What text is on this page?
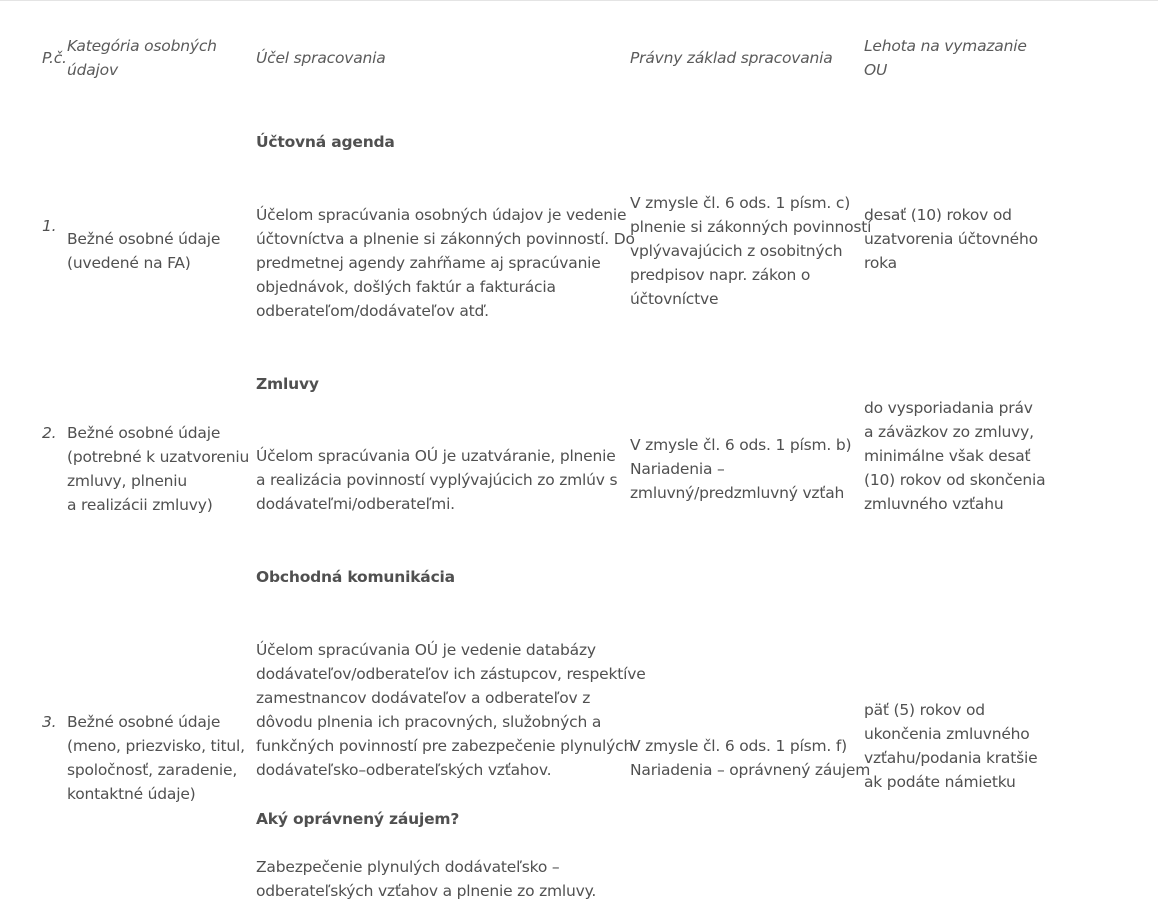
P.č.
Kategória osobných
údajov
Účel spracovania	Právny základ spracovania
Lehota na vymazanie
OU
Účtovná agenda
1.
Bežné osobné údaje
(uvedené na FA)
Účelom spracúvania osobných údajov je vedenie
účtovníctva a plnenie si zákonných povinností. Do
predmetnej agendy zahŕňame aj spracúvanie
objednávok, došlých faktúr a fakturácia
odberateľom/dodávateľov atď.
V zmysle čl. 6 ods. 1 písm. c)
plnenie si zákonných povinností
vplývavajúcich z osobitných
predpisov napr. zákon o
účtovníctve
desať (10) rokov od
uzatvorenia účtovného
roka
Zmluvy
2. Bežné osobné údaje
(potrebné k uzatvoreniu
zmluvy, plneniu
a realizácii zmluvy)
Účelom spracúvania OÚ je uzatváranie, plnenie
a realizácia povinností vyplývajúcich zo zmlúv s
dodávateľmi/odberateľmi.
V zmysle čl. 6 ods. 1 písm. b)
Nariadenia –
zmluvný/predzmluvný vzťah
do vysporiadania práv
a záväzkov zo zmluvy,
minimálne však desať
(10) rokov od skončenia
zmluvného vzťahu
Obchodná komunikácia
3. Bežné osobné údaje
(meno, priezvisko, titul,
spoločnosť, zaradenie,
kontaktné údaje)
Účelom spracúvania OÚ je vedenie databázy
dodávateľov/odberateľov ich zástupcov, respektíve
zamestnancov dodávateľov a odberateľov z
dôvodu plnenia ich pracovných, služobných a
funkčných povinností pre zabezpečenie plynulých
dodávateľsko–odberateľských vzťahov.
Aký oprávnený záujem?
Zabezpečenie plynulých dodávateľsko –
odberateľských vzťahov a plnenie zo zmluvy.
V zmysle čl. 6 ods. 1 písm. f)
Nariadenia – oprávnený záujem
päť (5) rokov od
ukončenia zmluvného
vzťahu/podania kratšie
ak podáte námietku
